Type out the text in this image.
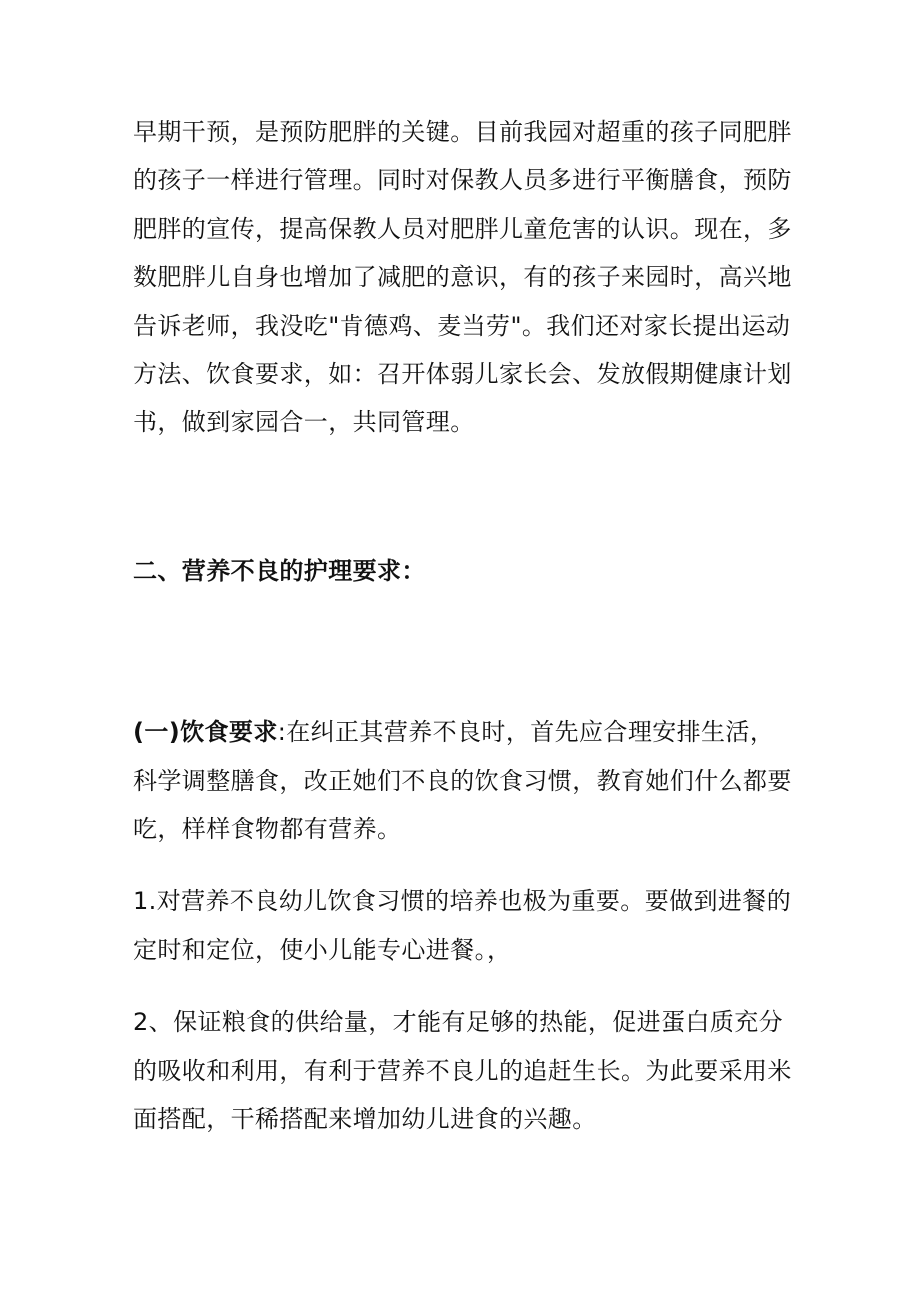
早期干预，是预防肥胖的关键。目前我园对超重的孩子同肥胖
的孩子一样进行管理。同时对保教人员多进行平衡膳食，预防
肥胖的宣传，提高保教人员对肥胖儿童危害的认识。现在，多
数肥胖儿自身也增加了减肥的意识，有的孩子来园时，高兴地
告诉老师，我没吃"肯德鸡、麦当劳"。我们还对家长提出运动
方法、饮食要求，如：召开体弱儿家长会、发放假期健康计划
书，做到家园合一，共同管理。
二、营养不良的护理要求：
(一)饮食要求:在纠正其营养不良时，首先应合理安排生活，
科学调整膳食，改正她们不良的饮食习惯，教育她们什么都要
吃，样样食物都有营养。
1.对营养不良幼儿饮食习惯的培养也极为重要。要做到进餐的
定时和定位，使小儿能专心进餐。，
2、保证粮食的供给量，才能有足够的热能，促进蛋白质充分
的吸收和利用，有利于营养不良儿的追赶生长。为此要采用米
面搭配，干稀搭配来增加幼儿进食的兴趣。
